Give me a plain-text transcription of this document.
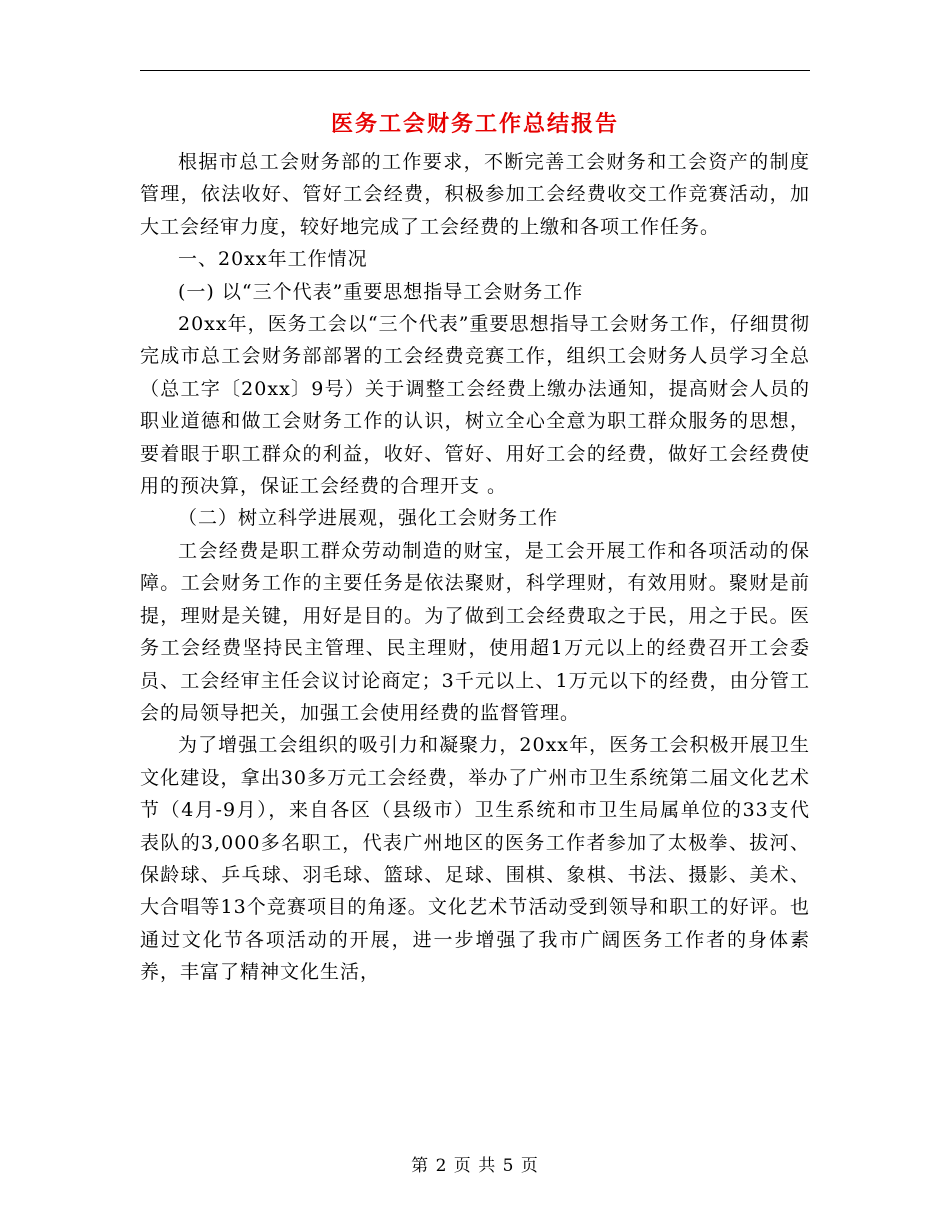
医务工会财务工作总结报告

根据市总工会财务部的工作要求，不断完善工会财务和工会资产的制度管理，依法收好、管好工会经费，积极参加工会经费收交工作竞赛活动，加大工会经审力度，较好地完成了工会经费的上缴和各项工作任务。

一、20xx年工作情况

(一) 以“三个代表”重要思想指导工会财务工作

20xx年，医务工会以“三个代表”重要思想指导工会财务工作，仔细贯彻完成市总工会财务部部署的工会经费竞赛工作，组织工会财务人员学习全总（总工字〔20xx〕9号）关于调整工会经费上缴办法通知，提高财会人员的职业道德和做工会财务工作的认识，树立全心全意为职工群众服务的思想，要着眼于职工群众的利益，收好、管好、用好工会的经费，做好工会经费使用的预决算，保证工会经费的合理开支 。

（二）树立科学进展观，强化工会财务工作

工会经费是职工群众劳动制造的财宝，是工会开展工作和各项活动的保障。工会财务工作的主要任务是依法聚财，科学理财，有效用财。聚财是前提，理财是关键，用好是目的。为了做到工会经费取之于民，用之于民。医务工会经费坚持民主管理、民主理财，使用超1万元以上的经费召开工会委员、工会经审主任会议讨论商定；3千元以上、1万元以下的经费，由分管工会的局领导把关，加强工会使用经费的监督管理。

为了增强工会组织的吸引力和凝聚力，20xx年，医务工会积极开展卫生文化建设，拿出30多万元工会经费，举办了广州市卫生系统第二届文化艺术节（4月-9月），来自各区（县级市）卫生系统和市卫生局属单位的33支代表队的3,000多名职工，代表广州地区的医务工作者参加了太极拳、拔河、保龄球、乒乓球、羽毛球、篮球、足球、围棋、象棋、书法、摄影、美术、大合唱等13个竞赛项目的角逐。文化艺术节活动受到领导和职工的好评。也通过文化节各项活动的开展，进一步增强了我市广阔医务工作者的身体素养，丰富了精神文化生活，

第 2 页 共 5 页
